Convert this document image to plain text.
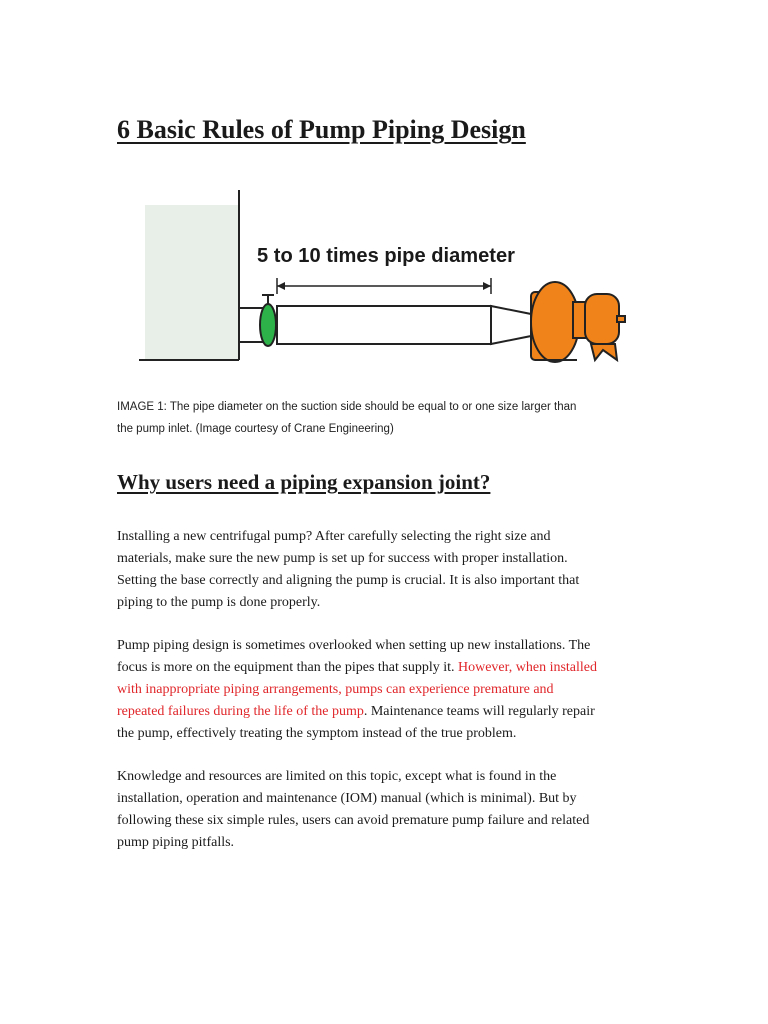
6 Basic Rules of Pump Piping Design
5 to 10 times pipe diameter

IMAGE 1: The pipe diameter on the suction side should be equal to or one size larger than
the pump inlet. (Image courtesy of Crane Engineering)

Why users need a piping expansion joint?

Installing a new centrifugal pump? After carefully selecting the right size and
materials, make sure the new pump is set up for success with proper installation.
Setting the base correctly and aligning the pump is crucial. It is also important that
piping to the pump is done properly.

Pump piping design is sometimes overlooked when setting up new installations. The
focus is more on the equipment than the pipes that supply it. However, when installed
with inappropriate piping arrangements, pumps can experience premature and
repeated failures during the life of the pump. Maintenance teams will regularly repair
the pump, effectively treating the symptom instead of the true problem.

Knowledge and resources are limited on this topic, except what is found in the
installation, operation and maintenance (IOM) manual (which is minimal). But by
following these six simple rules, users can avoid premature pump failure and related
pump piping pitfalls.
